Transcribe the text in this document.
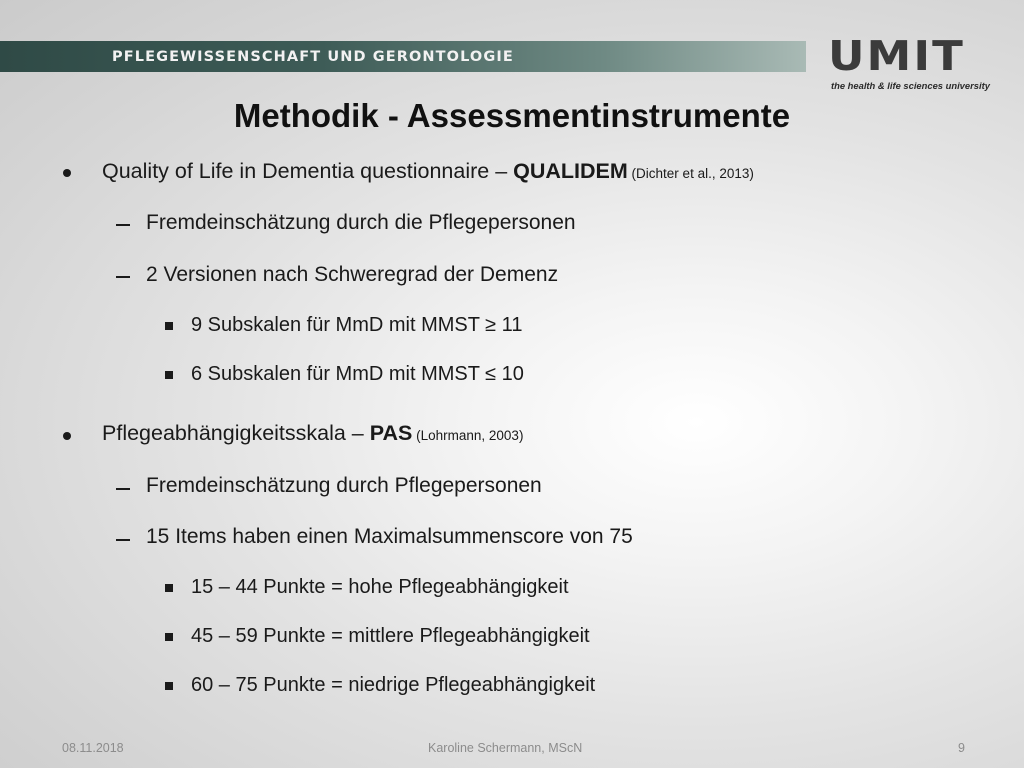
PFLEGEWISSENSCHAFT UND GERONTOLOGIE	UMIT
the health & life sciences university
Methodik - Assessmentinstrumente
Quality of Life in Dementia questionnaire – QUALIDEM (Dichter et al., 2013)
Fremdeinschätzung durch die Pflegepersonen
2 Versionen nach Schweregrad der Demenz
9 Subskalen für MmD mit MMST ≥ 11
6 Subskalen für MmD mit MMST ≤ 10
Pflegeabhängigkeitsskala – PAS (Lohrmann, 2003)
Fremdeinschätzung durch Pflegepersonen
15 Items haben einen Maximalsummenscore von 75
15 – 44 Punkte = hohe Pflegeabhängigkeit
45 – 59 Punkte = mittlere Pflegeabhängigkeit
60 – 75 Punkte = niedrige Pflegeabhängigkeit
08.11.2018	Karoline Schermann, MScN	9
